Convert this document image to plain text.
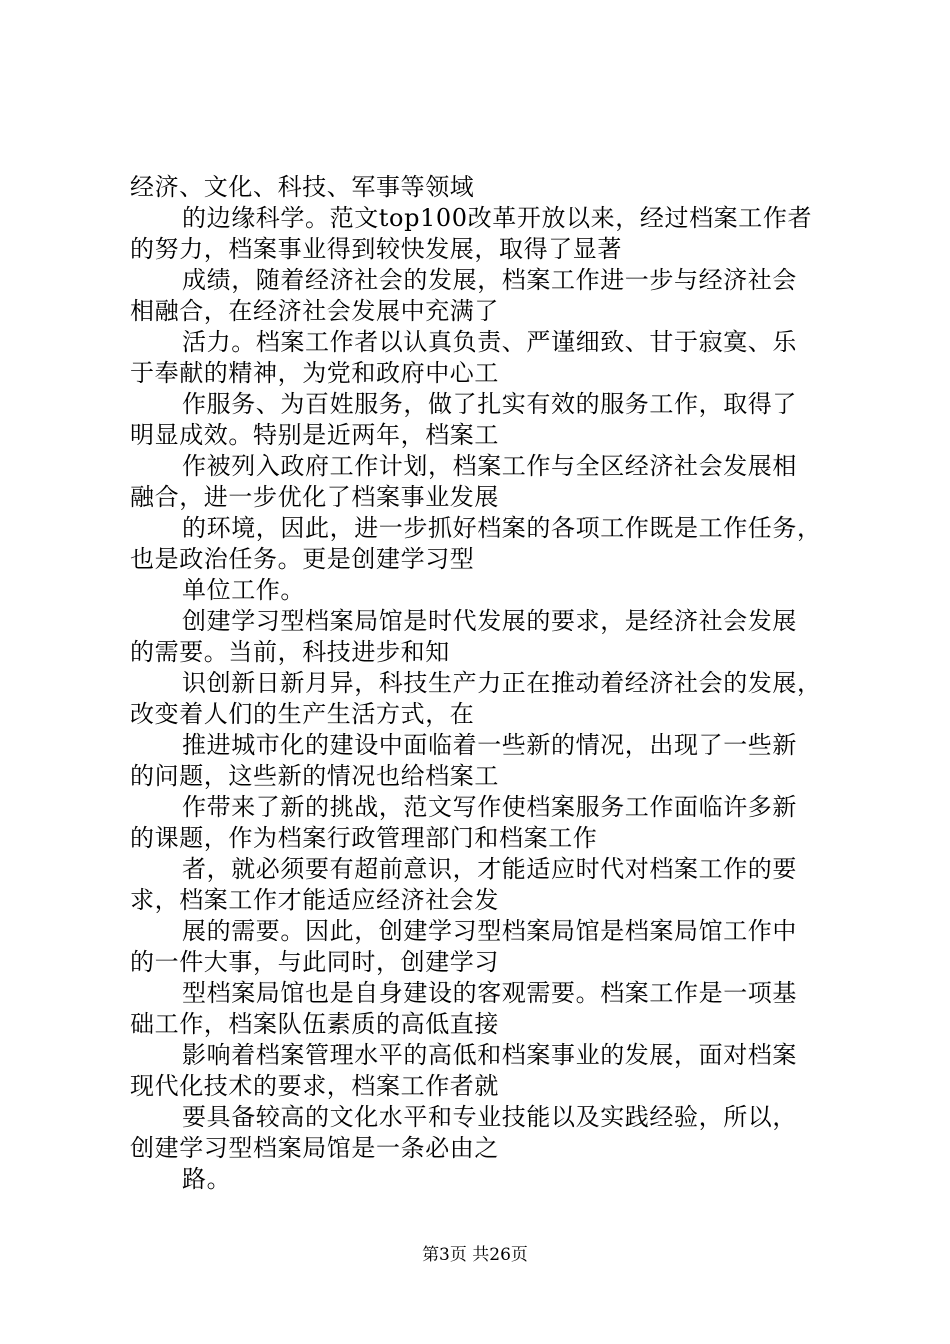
经济、文化、科技、军事等领域
的边缘科学。范文top100改革开放以来，经过档案工作者
的努力，档案事业得到较快发展，取得了显著
成绩，随着经济社会的发展，档案工作进一步与经济社会
相融合，在经济社会发展中充满了
活力。档案工作者以认真负责、严谨细致、甘于寂寞、乐
于奉献的精神，为党和政府中心工
作服务、为百姓服务，做了扎实有效的服务工作，取得了
明显成效。特别是近两年，档案工
作被列入政府工作计划，档案工作与全区经济社会发展相
融合，进一步优化了档案事业发展
的环境，因此，进一步抓好档案的各项工作既是工作任务，
也是政治任务。更是创建学习型
单位工作。
创建学习型档案局馆是时代发展的要求，是经济社会发展
的需要。当前，科技进步和知
识创新日新月异，科技生产力正在推动着经济社会的发展，
改变着人们的生产生活方式，在
推进城市化的建设中面临着一些新的情况，出现了一些新
的问题，这些新的情况也给档案工
作带来了新的挑战，范文写作使档案服务工作面临许多新
的课题，作为档案行政管理部门和档案工作
者，就必须要有超前意识，才能适应时代对档案工作的要
求，档案工作才能适应经济社会发
展的需要。因此，创建学习型档案局馆是档案局馆工作中
的一件大事，与此同时，创建学习
型档案局馆也是自身建设的客观需要。档案工作是一项基
础工作，档案队伍素质的高低直接
影响着档案管理水平的高低和档案事业的发展，面对档案
现代化技术的要求，档案工作者就
要具备较高的文化水平和专业技能以及实践经验，所以，
创建学习型档案局馆是一条必由之
路。
第3页 共26页
